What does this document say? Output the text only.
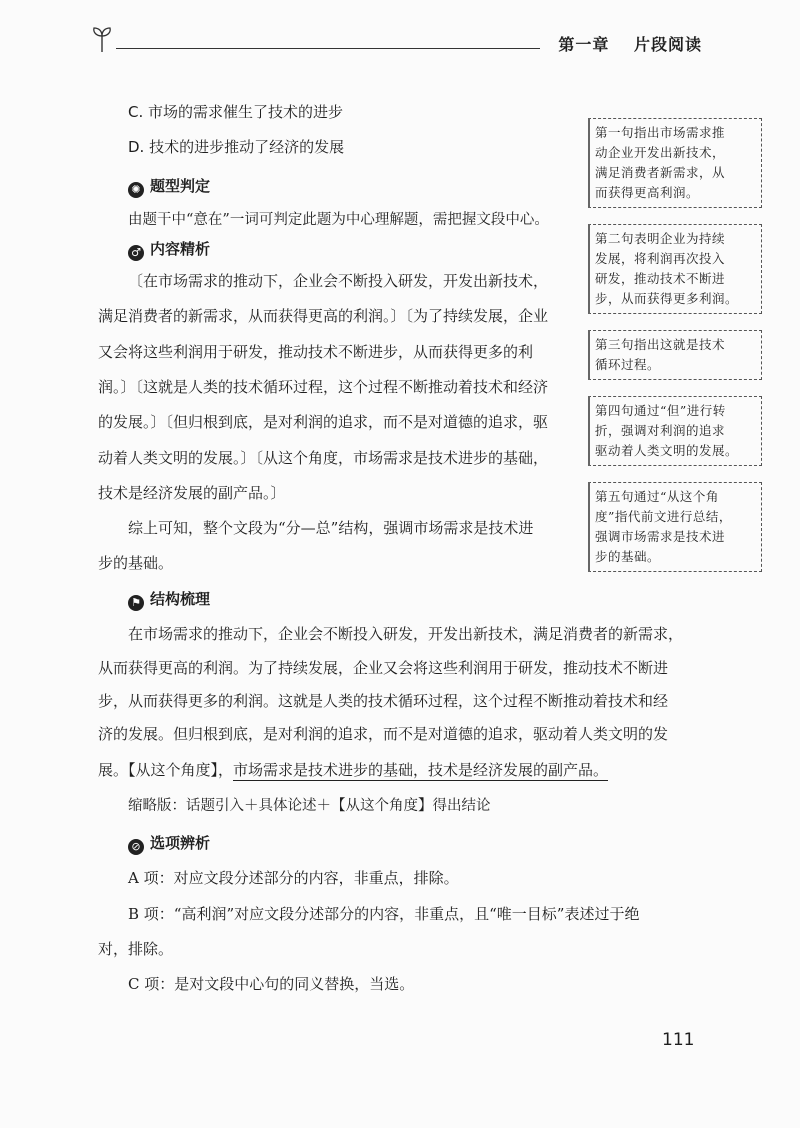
第一章 片段阅读
C. 市场的需求催生了技术的进步
D. 技术的进步推动了经济的发展
✺ 题型判定
由题干中“意在”一词可判定此题为中心理解题，需把握文段中心。
♂ 内容精析
〔在市场需求的推动下，企业会不断投入研发，开发出新技术，
满足消费者的新需求，从而获得更高的利润。〕〔为了持续发展，企业
又会将这些利润用于研发，推动技术不断进步，从而获得更多的利
润。〕〔这就是人类的技术循环过程，这个过程不断推动着技术和经济
的发展。〕〔但归根到底，是对利润的追求，而不是对道德的追求，驱
动着人类文明的发展。〕〔从这个角度，市场需求是技术进步的基础，
技术是经济发展的副产品。〕
综上可知，整个文段为“分—总”结构，强调市场需求是技术进
步的基础。
第一句指出市场需求推
动企业开发出新技术，
满足消费者新需求，从
而获得更高利润。
第二句表明企业为持续
发展，将利润再次投入
研发，推动技术不断进
步，从而获得更多利润。
第三句指出这就是技术
循环过程。
第四句通过“但”进行转
折，强调对利润的追求
驱动着人类文明的发展。
第五句通过“从这个角
度”指代前文进行总结，
强调市场需求是技术进
步的基础。
⚑ 结构梳理
在市场需求的推动下，企业会不断投入研发，开发出新技术，满足消费者的新需求，
从而获得更高的利润。为了持续发展，企业又会将这些利润用于研发，推动技术不断进
步，从而获得更多的利润。这就是人类的技术循环过程，这个过程不断推动着技术和经
济的发展。但归根到底，是对利润的追求，而不是对道德的追求，驱动着人类文明的发
展。【从这个角度】，市场需求是技术进步的基础，技术是经济发展的副产品。
缩略版：话题引入＋具体论述＋【从这个角度】得出结论
⊘ 选项辨析
A 项：对应文段分述部分的内容，非重点，排除。
B 项：“高利润”对应文段分述部分的内容，非重点，且“唯一目标”表述过于绝
对，排除。
C 项：是对文段中心句的同义替换，当选。
111
